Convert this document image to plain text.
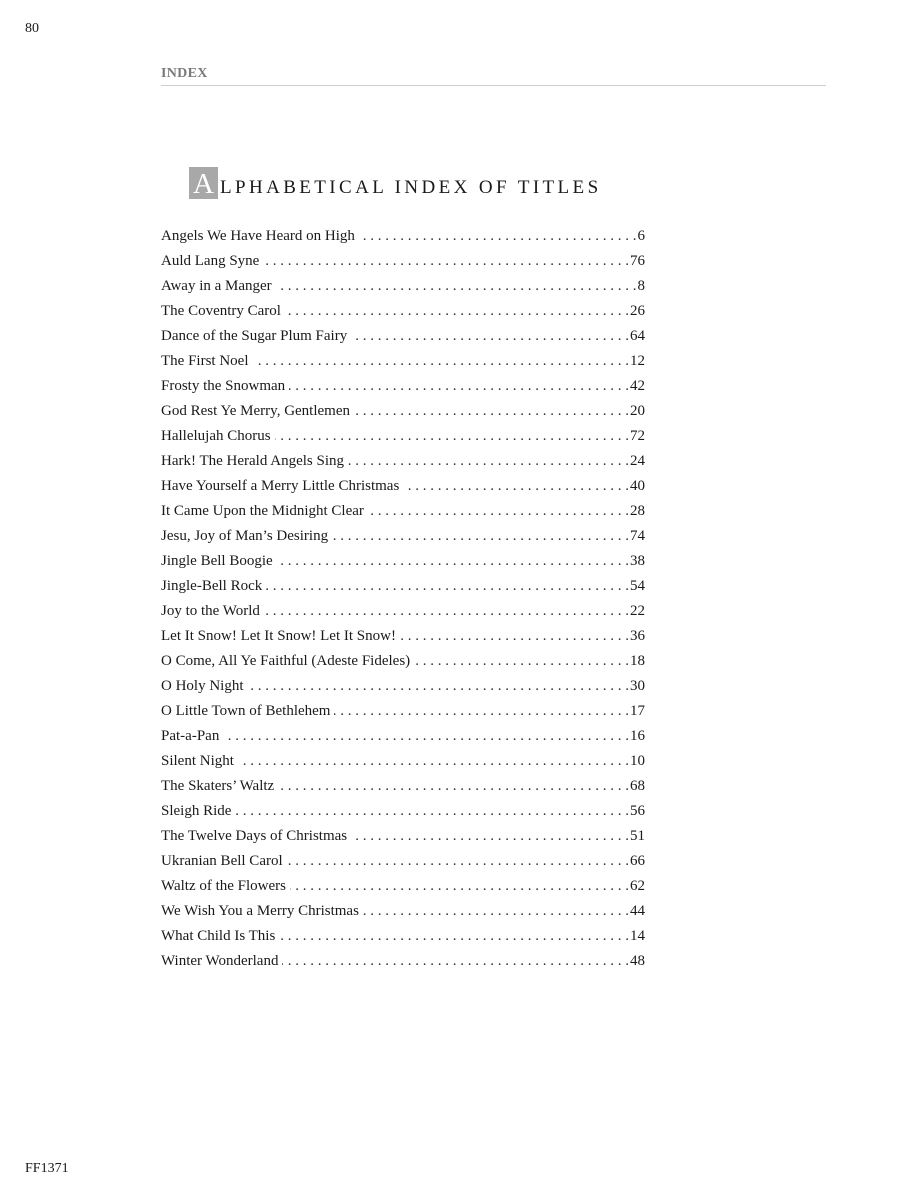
80
INDEX
A LPHABETICAL INDEX OF TITLES
Angels We Have Heard on High . . .	6
Auld Lang Syne . . .	76
Away in a Manger . . .	8
The Coventry Carol . . .	26
Dance of the Sugar Plum Fairy . . .	64
The First Noel . . .	12
Frosty the Snowman . . .	42
God Rest Ye Merry, Gentlemen . . .	20
Hallelujah Chorus . . .	72
Hark! The Herald Angels Sing . . .	24
Have Yourself a Merry Little Christmas . . .	40
It Came Upon the Midnight Clear . . .	28
Jesu, Joy of Man’s Desiring . . .	74
Jingle Bell Boogie . . .	38
Jingle-Bell Rock . . .	54
Joy to the World . . .	22
Let It Snow! Let It Snow! Let It Snow! . . .	36
O Come, All Ye Faithful (Adeste Fideles) . . .	18
O Holy Night . . .	30
O Little Town of Bethlehem . . .	17
Pat-a-Pan . . .	16
Silent Night . . .	10
The Skaters’ Waltz . . .	68
Sleigh Ride . . .	56
The Twelve Days of Christmas . . .	51
Ukranian Bell Carol . . .	66
Waltz of the Flowers . . .	62
We Wish You a Merry Christmas . . .	44
What Child Is This . . .	14
Winter Wonderland . . .	48
FF1371
